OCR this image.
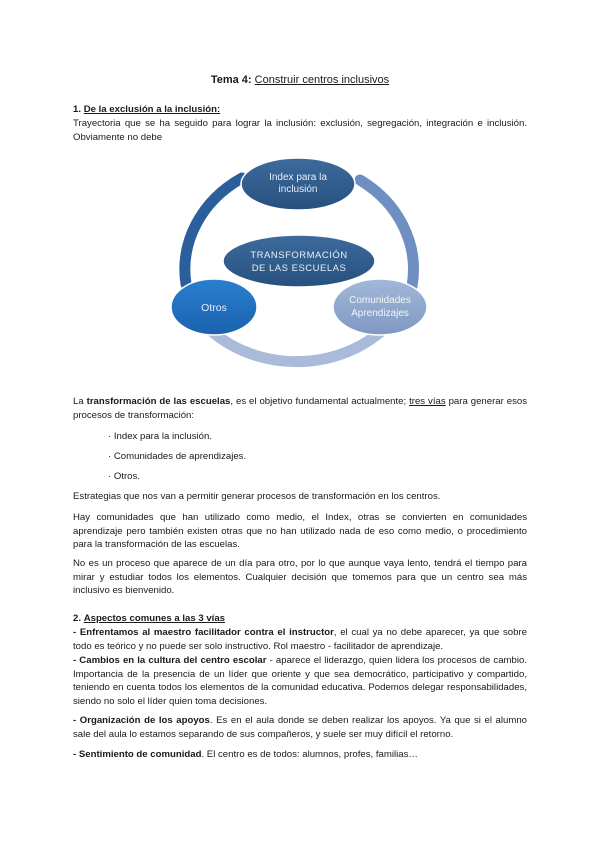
Tema 4: Construir centros inclusivos

1. De la exclusión a la inclusión:

Trayectoria que se ha seguido para lograr la inclusión: exclusión, segregación, integración e inclusión. Obviamente no debe

Index para la
inclusión
TRANSFORMACIÓN
DE LAS ESCUELAS
Otros
Comunidades
Aprendizajes

La transformación de las escuelas, es el objetivo fundamental actualmente; tres vías para generar esos procesos de transformación:

· Index para la inclusión.
· Comunidades de aprendizajes.
· Otros.

Estrategias que nos van a permitir generar procesos de transformación en los centros.

Hay comunidades que han utilizado como medio, el Index, otras se convierten en comunidades aprendizaje pero también existen otras que no han utilizado nada de eso como medio, o procedimiento para la transformación de las escuelas.

No es un proceso que aparece de un día para otro, por lo que aunque vaya lento, tendrá el tiempo para mirar y estudiar todos los elementos. Cualquier decisión que tomemos para que un centro sea más inclusivo es bienvenido.

2. Aspectos comunes a las 3 vías

- Enfrentamos al maestro facilitador contra el instructor, el cual ya no debe aparecer, ya que sobre todo es teórico y no puede ser solo instructivo. Rol maestro - facilitador de aprendizaje.

- Cambios en la cultura del centro escolar - aparece el liderazgo, quien lidera los procesos de cambio. Importancia de la presencia de un líder que oriente y que sea democrático, participativo y compartido, teniendo en cuenta todos los elementos de la comunidad educativa. Podemos delegar responsabilidades, siendo no solo el líder quien toma decisiones.

- Organización de los apoyos. Es en el aula donde se deben realizar los apoyos. Ya que si el alumno sale del aula lo estamos separando de sus compañeros, y suele ser muy difícil el retorno.

- Sentimiento de comunidad. El centro es de todos: alumnos, profes, familias…
